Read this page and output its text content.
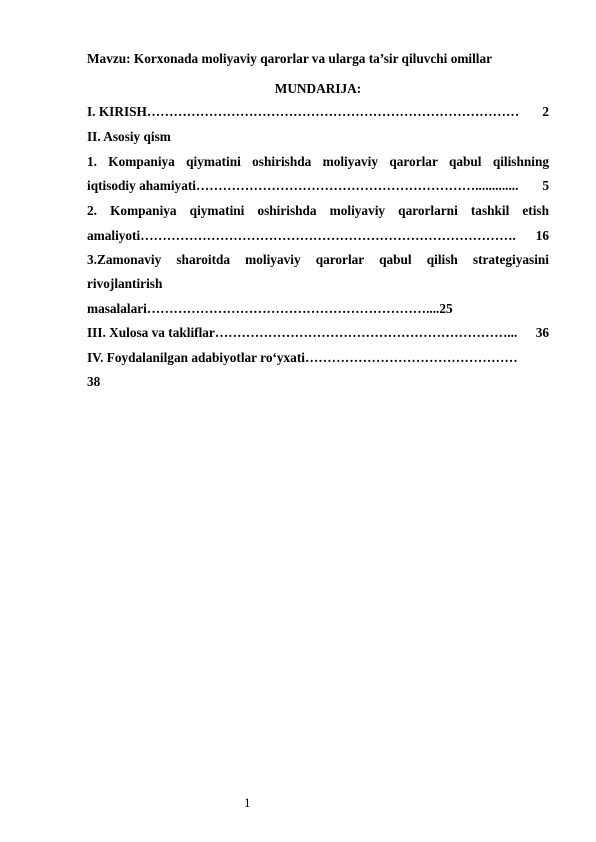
Mavzu: Korxonada moliyaviy qarorlar va ularga ta’sir qiluvchi omillar
MUNDARIJA:
I. KIRISH …………………………………………………………………………	2
II. Asosiy qism
1. Kompaniya qiymatini oshirishda moliyaviy qarorlar qabul qilishning
iqtisodiy ahamiyati ……………………………………………………….............	5
2. Kompaniya qiymatini oshirishda moliyaviy qarorlarni tashkil etish
amaliyoti ………………………………………………………………………….	16
3.Zamonaviy sharoitda moliyaviy qarorlar qabul qilish strategiyasini
rivojlantirish
masalalari………………………………………………………....25
III. Xulosa va takliflar …………………………………………………………...	36
IV. Foydalanilgan adabiyotlar ro‘yxati …………………………………………
38
1
